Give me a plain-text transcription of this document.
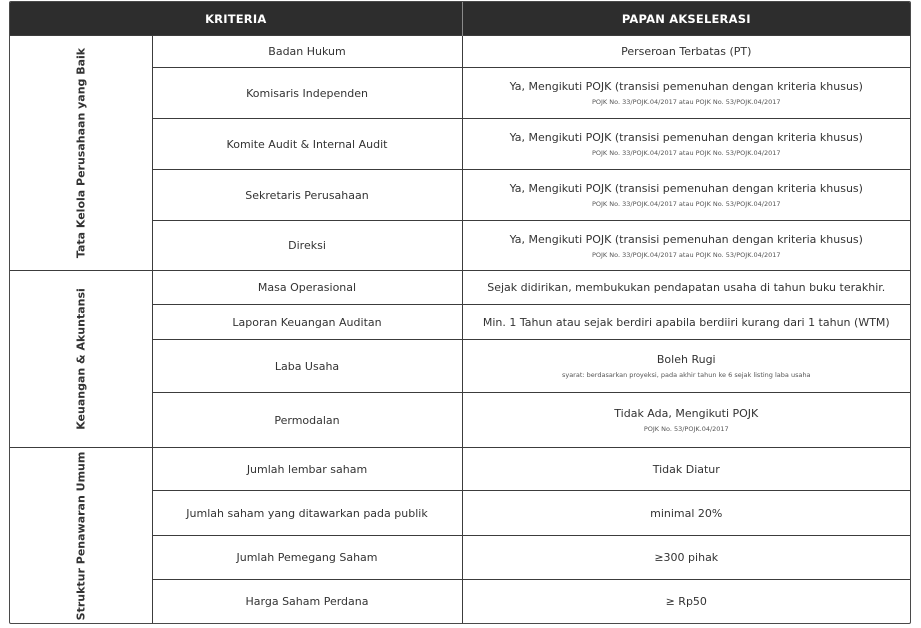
KRITERIA		PAPAN AKSELERASI

Tata Kelola Perusahaan yang Baik	Badan Hukum	Perseroan Terbatas (PT)

	Komisaris Independen	Ya, Mengikuti POJK (transisi pemenuhan dengan kriteria khusus)
POJK No. 33/POJK.04/2017 atau POJK No. 53/POJK.04/2017

	Komite Audit & Internal Audit	Ya, Mengikuti POJK (transisi pemenuhan dengan kriteria khusus)
POJK No. 33/POJK.04/2017 atau POJK No. 53/POJK.04/2017

	Sekretaris Perusahaan	Ya, Mengikuti POJK (transisi pemenuhan dengan kriteria khusus)
POJK No. 33/POJK.04/2017 atau POJK No. 53/POJK.04/2017

	Direksi	Ya, Mengikuti POJK (transisi pemenuhan dengan kriteria khusus)
POJK No. 33/POJK.04/2017 atau POJK No. 53/POJK.04/2017

Keuangan & Akuntansi	Masa Operasional	Sejak didirikan, membukukan pendapatan usaha di tahun buku terakhir.

	Laporan Keuangan Auditan	Min. 1 Tahun atau sejak berdiri apabila berdiiri kurang dari 1 tahun (WTM)

	Laba Usaha	Boleh Rugi
syarat: berdasarkan proyeksi, pada akhir tahun ke 6 sejak listing laba usaha

	Permodalan	Tidak Ada, Mengikuti POJK
POJK No. 53/POJK.04/2017

Struktur Penawaran Umum	Jumlah lembar saham	Tidak Diatur

	Jumlah saham yang ditawarkan pada publik	minimal 20%

	Jumlah Pemegang Saham	≥300 pihak

	Harga Saham Perdana	≥ Rp50
